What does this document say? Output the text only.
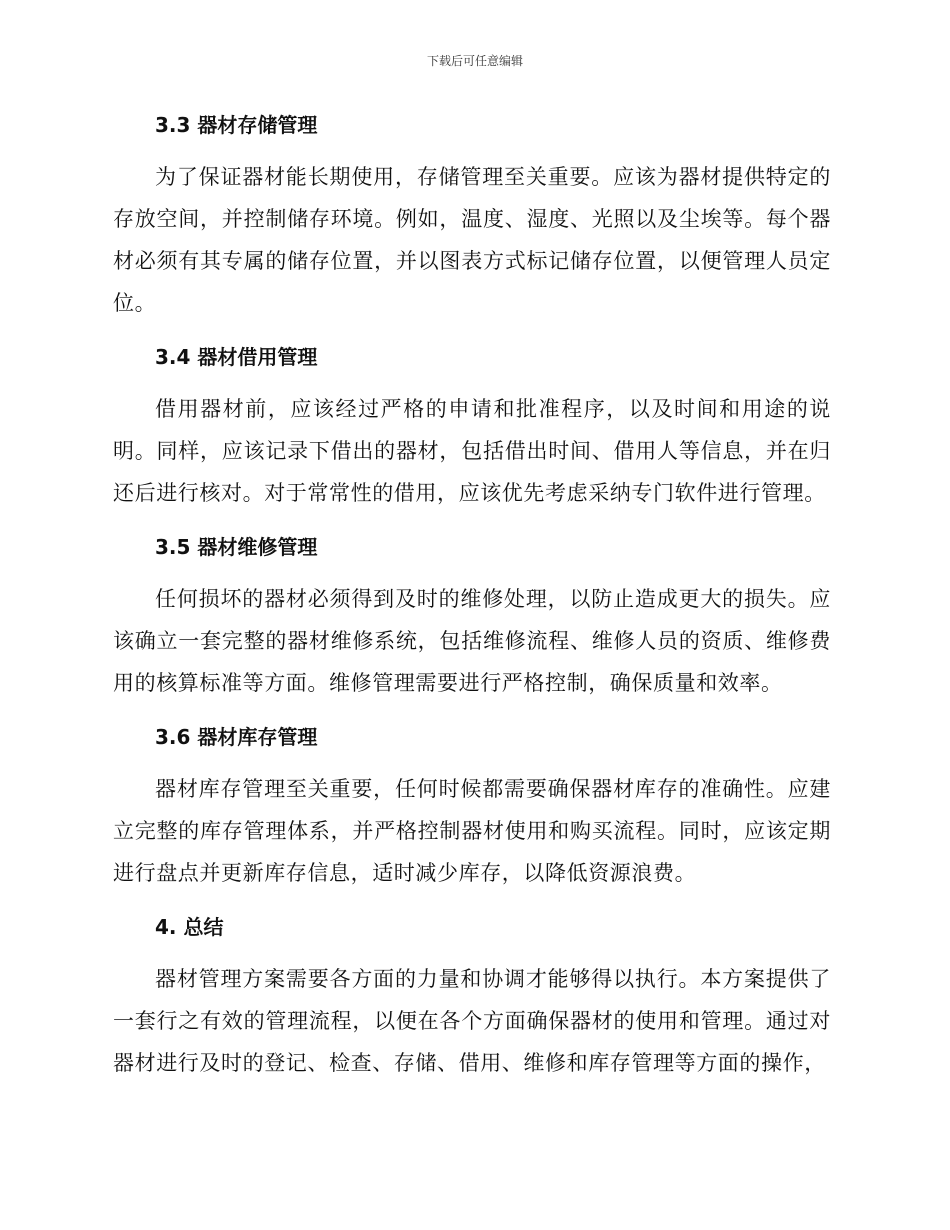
下载后可任意编辑
3.3 器材存储管理

为了保证器材能长期使用，存储管理至关重要。应该为器材提供特定的存放空间，并控制储存环境。例如，温度、湿度、光照以及尘埃等。每个器材必须有其专属的储存位置，并以图表方式标记储存位置，以便管理人员定位。

3.4 器材借用管理

借用器材前，应该经过严格的申请和批准程序，以及时间和用途的说明。同样，应该记录下借出的器材，包括借出时间、借用人等信息，并在归还后进行核对。对于常常性的借用，应该优先考虑采纳专门软件进行管理。

3.5 器材维修管理

任何损坏的器材必须得到及时的维修处理，以防止造成更大的损失。应该确立一套完整的器材维修系统，包括维修流程、维修人员的资质、维修费用的核算标准等方面。维修管理需要进行严格控制，确保质量和效率。

3.6 器材库存管理

器材库存管理至关重要，任何时候都需要确保器材库存的准确性。应建立完整的库存管理体系，并严格控制器材使用和购买流程。同时，应该定期进行盘点并更新库存信息，适时减少库存，以降低资源浪费。

4. 总结

器材管理方案需要各方面的力量和协调才能够得以执行。本方案提供了一套行之有效的管理流程，以便在各个方面确保器材的使用和管理。通过对器材进行及时的登记、检查、存储、借用、维修和库存管理等方面的操作，
